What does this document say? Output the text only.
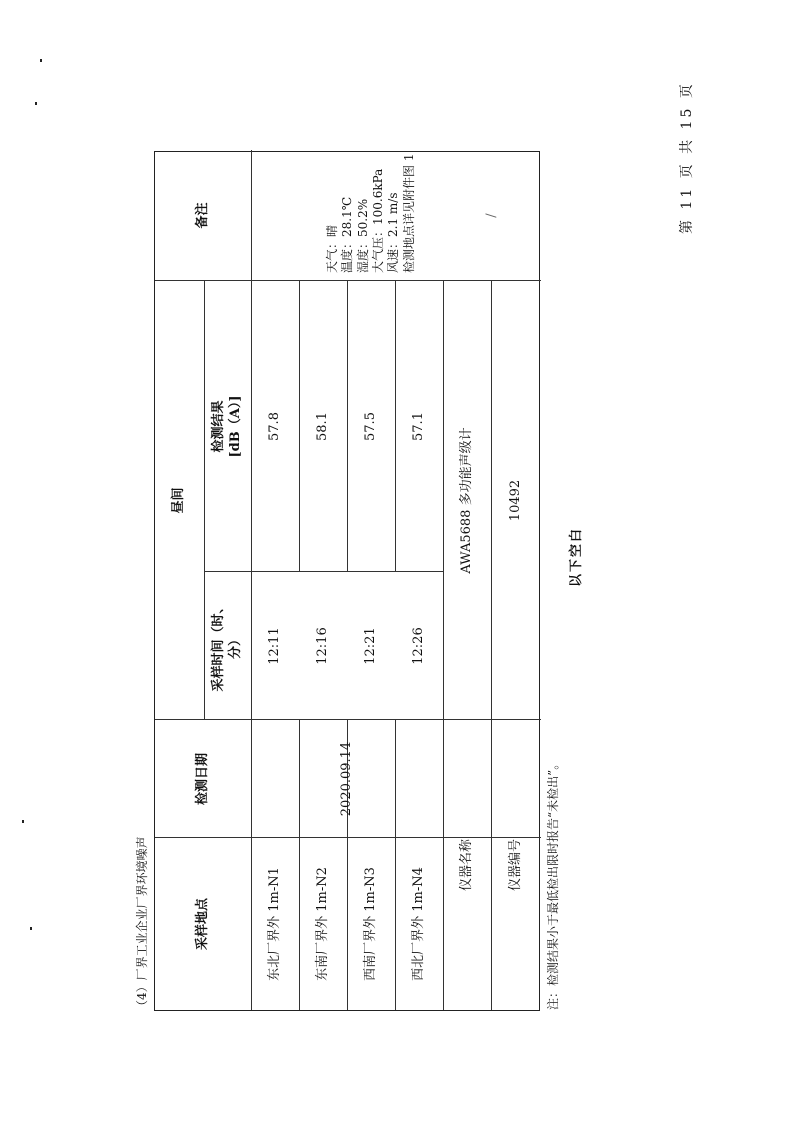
第 11 页 共 15 页
（4）厂界工业企业厂界环境噪声	采样地点
检测日期
昼间
采样时间（时、分）
检测结果[dB（A）]
备注
东北厂界外 1m-N1
12:11
57.8
东南厂界外 1m-N2
12:16
58.1
西南厂界外 1m-N3
12:21
57.5
西北厂界外 1m-N4
12:26
57.1
2020.09.14
天气：晴 温度：28.1℃ 湿度：50.2% 大气压：100.6kPa 风速：2.1 m/s 检测地点详见附件图 1
仪器名称
AWA5688 多功能声级计
仪器编号
10492
/
注：检测结果小于最低检出限时报告“未检出”。
以下空白
